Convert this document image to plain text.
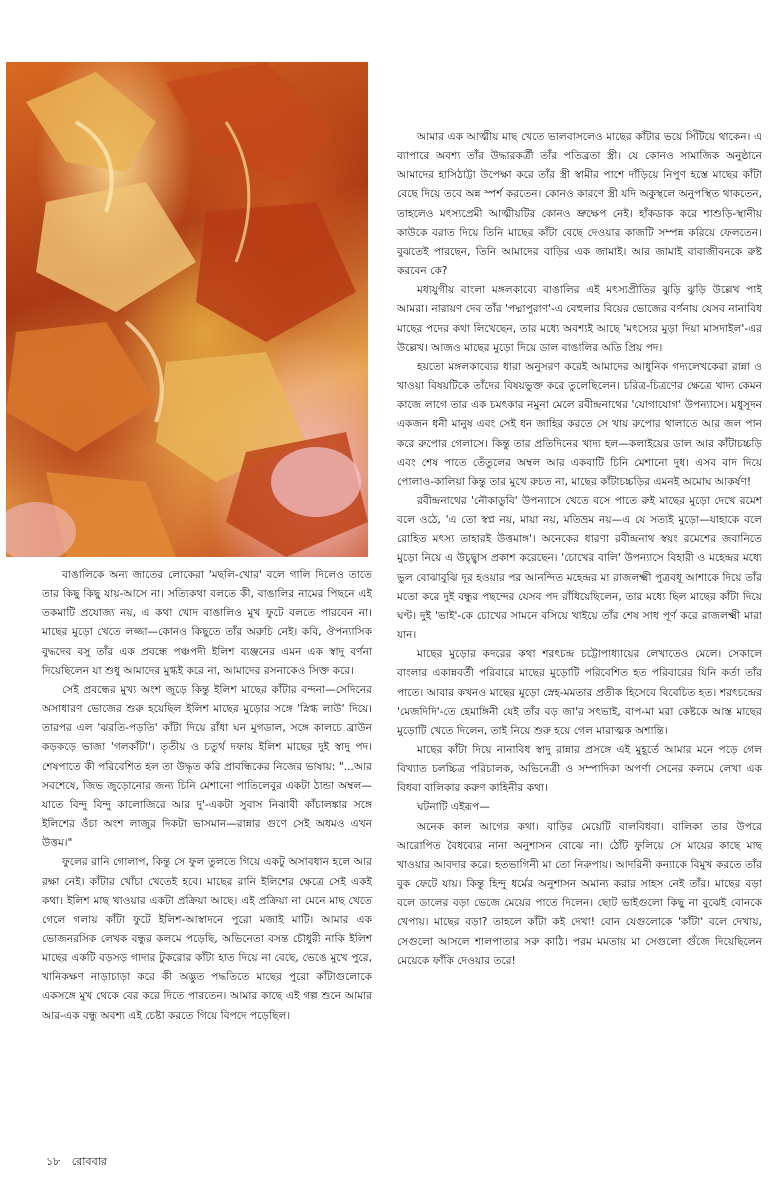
আমার এক আত্মীয় মাছ খেতে ভালবাসলেও মাছের কাঁটার ভয়ে সিঁটিয়ে থাকেন। এ ব্যাপারে অবশ্য তাঁর উদ্ধারকর্ত্রী তাঁর পতিব্রতা স্ত্রী। যে কোনও সামাজিক অনুষ্ঠানে আমাদের হাসিঠাট্টা উপেক্ষা করে তাঁর স্ত্রী স্বামীর পাশে দাঁড়িয়ে নিপুণ হস্তে মাছের কাঁটা বেছে দিয়ে তবে অন্ন স্পর্শ করতেন। কোনও কারণে স্ত্রী যদি অকুস্থলে অনুপস্থিত থাকতেন, তাহলেও মৎস্যপ্রেমী আত্মীয়টির কোনও ভ্রুক্ষেপ নেই। হাঁকডাক করে শাশুড়ি-স্থানীয় কাউকে বরাত দিয়ে তিনি মাছের কাঁটা বেছে দেওয়ার কাজটি সম্পন্ন করিয়ে ফেলতেন। বুঝতেই পারছেন, তিনি আমাদের বাড়ির এক জামাই। আর জামাই বাবাজীবনকে রুষ্ট করবেন কে?

মধ্যযুগীয় বাংলা মঙ্গলকাব্যে বাঙালির এই মৎস্যপ্রীতির ঝুড়ি ঝুড়ি উল্লেখ পাই আমরা। নারায়ণ দেব তাঁর 'পদ্মাপুরাণ'-এ বেহুলার বিয়ের ভোজের বর্ণনায় যেসব নানাবিধ মাছের পদের কথা লিখেছেন, তার মধ্যে অবশ্যই আছে 'মৎস্যের মুড়া দিয়া মাসদাইল'-এর উল্লেখ। আজও মাছের মুড়ো দিয়ে ডাল বাঙালির অতি প্রিয় পদ।

হয়তো মঙ্গলকাব্যের ধারা অনুসরণ করেই আমাদের আধুনিক গদ্যলেখকেরা রান্না ও খাওয়া বিষয়টিকে তাঁদের বিষয়ভুক্ত করে তুলেছিলেন। চরিত্র-চিত্রণের ক্ষেত্রে খাদ্য কেমন কাজে লাগে তার এক চমৎকার নমুনা মেলে রবীন্দ্রনাথের 'যোগাযোগ' উপন্যাসে। মধুসূদন একজন ধনী মানুষ এবং সেই ধন জাহির করতে সে খায় রুপোর থালাতে আর জল পান করে রুপোর গেলাসে। কিন্তু তার প্রতিদিনের খাদ্য হল—কলাইয়ের ডাল আর কাঁটাচচ্চড়ি এবং শেষ পাতে তেঁতুলের অম্বল আর একবাটি চিনি মেশানো দুধ। এসব বাদ দিয়ে পোলাও-কালিয়া কিন্তু তার মুখে রুচত না, মাছের কাঁটাচচ্চড়ির এমনই অমোঘ আকর্ষণ!

রবীন্দ্রনাথের 'নৌকাডুবি' উপন্যাসে খেতে বসে পাতে রুই মাছের মুড়ো দেখে রমেশ বলে ওঠে, 'এ তো স্বপ্ন নয়, মায়া নয়, মতিভ্রম নয়—এ যে সত্যই মুড়ো—যাহাকে বলে রোহিত মৎস্য তাহারই উত্তমাঙ্গ'। অনেকের ধারণা রবীন্দ্রনাথ স্বয়ং রমেশের জবানিতে মুড়ো নিয়ে এ উচ্ছ্বাস প্রকাশ করেছেন। 'চোখের বালি' উপন্যাসে বিহারী ও মহেন্দ্রর মধ্যে ভুল বোঝাবুঝি দূর হওয়ার পর আনন্দিত মহেন্দ্রর মা রাজলক্ষ্মী পুত্রবধূ আশাকে দিয়ে তাঁর মতো করে দুই বন্ধুর পছন্দের যেসব পদ রাঁধিয়েছিলেন, তার মধ্যে ছিল মাছের কাঁটা দিয়ে ঘণ্ট। দুই 'ভাই'-কে চোখের সামনে বসিয়ে খাইয়ে তাঁর শেষ সাধ পূর্ণ করে রাজলক্ষ্মী মারা যান।

মাছের মুড়োর কদরের কথা শরৎচন্দ্র চট্টোপাধ্যায়ের লেখাতেও মেলে। সেকালে বাংলার একান্নবর্তী পরিবারে মাছের মুড়োটি পরিবেশিত হত পরিবারের যিনি কর্তা তাঁর পাতে। আবার কখনও মাছের মুড়ো স্নেহ-মমতার প্রতীক হিসেবে বিবেচিত হত। শরৎচন্দ্রের 'মেজদিদি'-তে হেমাঙ্গিনী যেই তাঁর বড় জা'র সৎভাই, বাপ-মা মরা কেষ্টকে আস্ত মাছের মুড়োটি খেতে দিলেন, তাই নিয়ে শুরু হয়ে গেল মারাত্মক অশান্তি।

মাছের কাঁটা দিয়ে নানাবিধ স্বাদু রান্নার প্রসঙ্গে এই মুহূর্তে আমার মনে পড়ে গেল বিখ্যাত চলচ্চিত্র পরিচালক, অভিনেত্রী ও সম্পাদিকা অপর্ণা সেনের কলমে লেখা এক বিধবা বালিকার করুণ কাহিনীর কথা।

ঘটনাটি এইরূপ—

অনেক কাল আগের কথা। বাড়ির মেয়েটি বালবিধবা। বালিকা তার উপরে আরোপিত বৈধব্যের নানা অনুশাসন বোঝে না। ঠোঁট ফুলিয়ে সে মায়ের কাছে মাছ খাওয়ার আবদার করে। হতভাগিনী মা তো নিরুপায়। আদরিনী কন্যাকে বিমুখ করতে তাঁর বুক ফেটে যায়। কিন্তু হিন্দু ধর্মের অনুশাসন অমান্য করার সাহস নেই তাঁর। মাছের বড়া বলে ডালের বড়া ভেজে মেয়ের পাতে দিলেন। ছোট ভাইগুলো কিছু না বুঝেই বোনকে খেপায়। মাছের বড়া? তাহলে কাঁটা কই দেখা! বোন যেগুলোকে 'কাঁটা' বলে দেখায়, সেগুলো আসলে শালপাতার সরু কাঠি। পরম মমতায় মা সেগুলো গুঁজে দিয়েছিলেন মেয়েকে ফাঁকি দেওয়ার তরে!

বাঙালিকে অন্য জাতের লোকেরা 'মছলি-খোর' বলে গালি দিলেও তাতে তার কিছু কিছু যায়-আসে না। সত্যিকথা বলতে কী, বাঙালির নামের পিছনে এই তকমাটি প্রযোজ্য নয়, এ কথা খোদ বাঙালিও মুখ ফুটে বলতে পারবেন না। মাছের মুড়ো খেতে লজ্জা—কোনও কিছুতে তাঁর অরুচি নেই। কবি, ঔপন্যাসিক বুদ্ধদেব বসু তাঁর এক প্রবন্ধে পঞ্চপদী ইলিশ ব্যঞ্জনের এমন এক স্বাদু বর্ণনা দিয়েছিলেন যা শুধু আমাদের মুগ্ধই করে না, আমাদের রসনাকেও সিক্ত করে।

সেই প্রবন্ধের মুখ্য অংশ জুড়ে কিন্তু ইলিশ মাছের কাঁটার বন্দনা—সেদিনের অসাধারণ ভোজের শুরু হয়েছিল ইলিশ মাছের মুড়োর সঙ্গে 'স্নিগ্ধ লাউ' দিয়ে। তারপর এল 'ঝরতি-পড়তি' কাঁটা দিয়ে রাঁধা ঘন মুগডাল, সঙ্গে কালচে ব্রাউন কড়কড়ে ভাজা 'গলকাঁটা'। তৃতীয় ও চতুর্থ দফায় ইলিশ মাছের দুই স্বাদু পদ। শেষপাতে কী পরিবেশিত হল তা উদ্ধৃত করি প্রাবন্ধিকের নিজের ভাষায়: "...আর সবশেষে, জিভ জুড়োনোর জন্য চিনি মেশানো পাতিলেবুর একটা ঠান্ডা অম্বল—যাতে বিন্দু বিন্দু কালোজিরে আর দু'-একটা সুবাস নিঝাবী কাঁচালঙ্কার সঙ্গে ইলিশের ওঁচা অংশ লাজুর দিকটা ভাসমান—রান্নার গুণে সেই অধমও এখন উত্তম।"

ফুলের রানি গোলাপ, কিন্তু সে ফুল তুলতে গিয়ে একটু অসাবধান হলে আর রক্ষা নেই। কাঁটার খোঁচা খেতেই হবে। মাছের রানি ইলিশের ক্ষেত্রে সেই একই কথা। ইলিশ মাছ খাওয়ার একটা প্রক্রিয়া আছে। এই প্রক্রিয়া না মেনে মাছ খেতে গেলে গলায় কাঁটা ফুটে ইলিশ-আস্বাদনে পুরো মজাই মাটি। আমার এক ভোজনরসিক লেখক বন্ধুর কলমে পড়েছি, অভিনেতা বসন্ত চৌধুরী নাকি ইলিশ মাছের একটি বড়সড় গাদার টুকরোর কাঁটা হাত দিয়ে না বেছে, ভেঙে মুখে পুরে, খানিকক্ষণ নাড়াচাড়া করে কী অদ্ভুত পদ্ধতিতে মাছের পুরো কাঁটাগুলোকে একসঙ্গে মুখ থেকে বের করে দিতে পারতেন। আমার কাছে এই গল্প শুনে আমার আর-এক বন্ধু অবশ্য এই চেষ্টা করতে গিয়ে বিপদে পড়েছিল।

১৮ রোববার
